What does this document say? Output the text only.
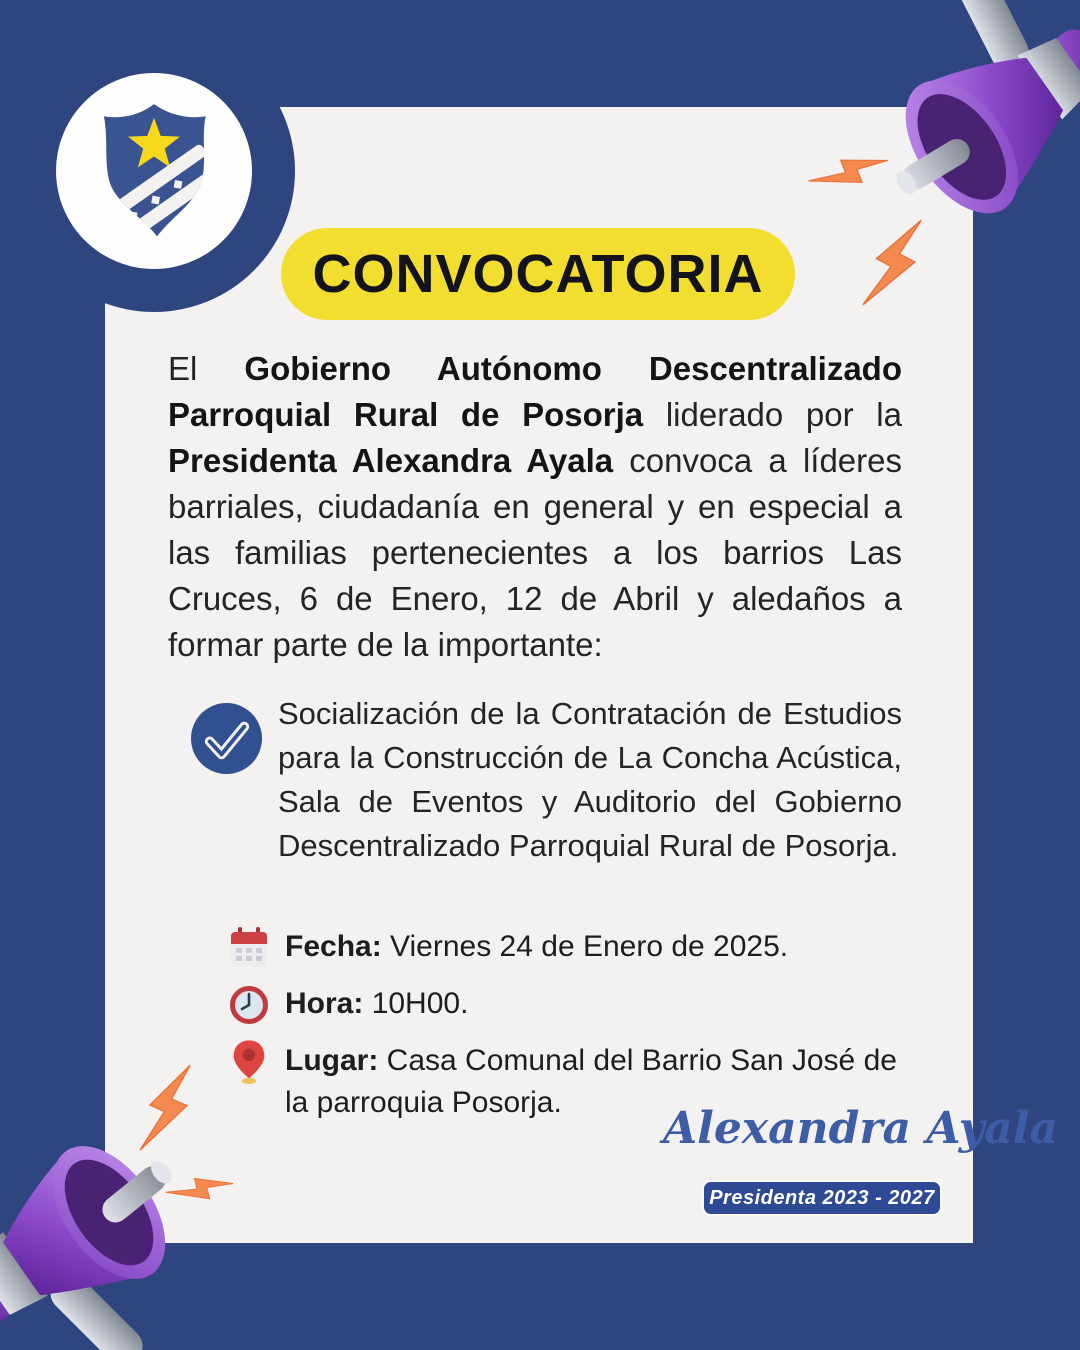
CONVOCATORIA
El Gobierno Autónomo Descentralizado Parroquial Rural de Posorja liderado por la Presidenta Alexandra Ayala convoca a líderes barriales, ciudadanía en general y en especial a las familias pertenecientes a los barrios Las Cruces, 6 de Enero, 12 de Abril y aledaños a formar parte de la importante:
Socialización de la Contratación de Estudios para la Construcción de La Concha Acústica, Sala de Eventos y Auditorio del Gobierno Descentralizado Parroquial Rural de Posorja.
Fecha: Viernes 24 de Enero de 2025.
Hora: 10H00.
Lugar: Casa Comunal del Barrio San José de la parroquia Posorja.
Alexandra Ayala
Presidenta 2023 - 2027
